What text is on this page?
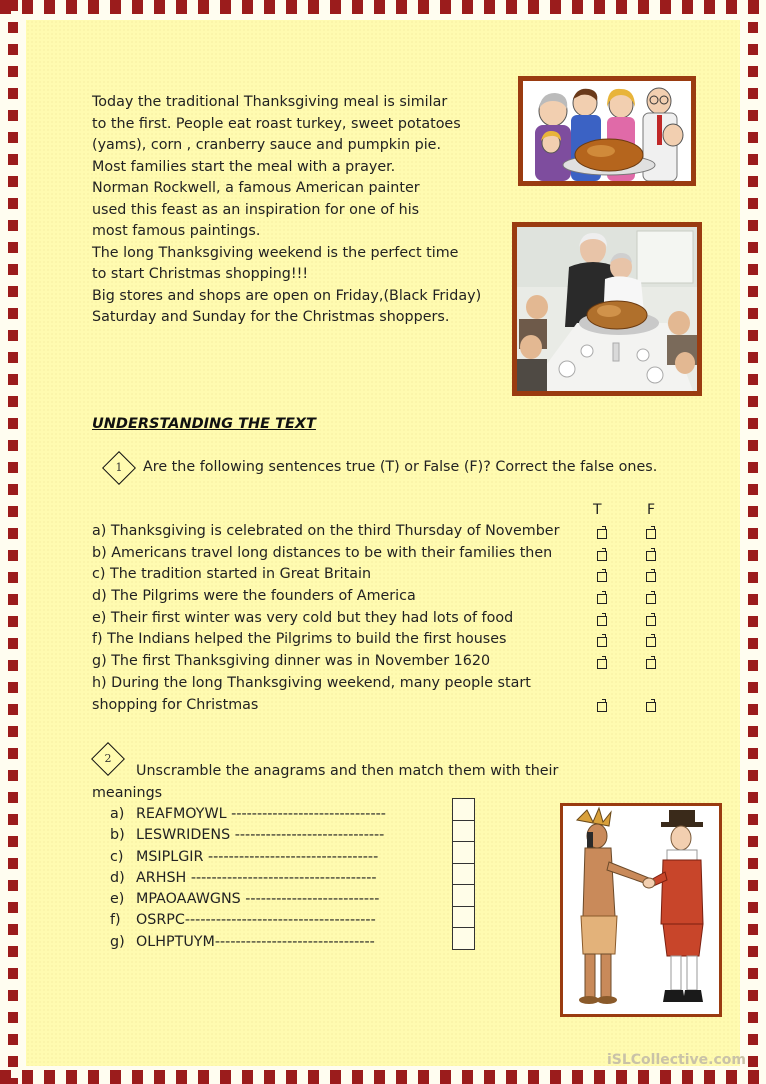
Today the traditional Thanksgiving meal is similar
to the first. People eat roast turkey, sweet potatoes
(yams), corn , cranberry sauce and pumpkin pie.
Most families start the meal with a prayer.
Norman Rockwell, a famous American painter
used this feast as an inspiration for one of his
most famous paintings.
The long Thanksgiving weekend is the perfect time
to start Christmas shopping!!!
Big stores and shops are open on Friday,(Black Friday)
Saturday and Sunday for the Christmas shoppers.
UNDERSTANDING THE TEXT
1	Are the following sentences true (T) or False (F)? Correct the false ones.
T	F
a) Thanksgiving is celebrated on the third Thursday of November
b) Americans travel long distances to be with their families then
c) The tradition started in Great Britain
d) The Pilgrims were the founders of America
e) Their first winter was very cold but they had lots of food
f) The Indians helped the Pilgrims to build the first houses
g) The first Thanksgiving dinner was in November 1620
h) During the long Thanksgiving weekend, many people start
shopping for Christmas
2
Unscramble the anagrams and then match them with their meanings
a) REAFMOYWL ------------------------------
b) LESWRIDENS -----------------------------
c) MSIPLGIR ---------------------------------
d) ARHSH ------------------------------------
e) MPAOAAWGNS --------------------------
f) OSRPC-------------------------------------
g) OLHPTUYM-------------------------------
iSLCollective.com
